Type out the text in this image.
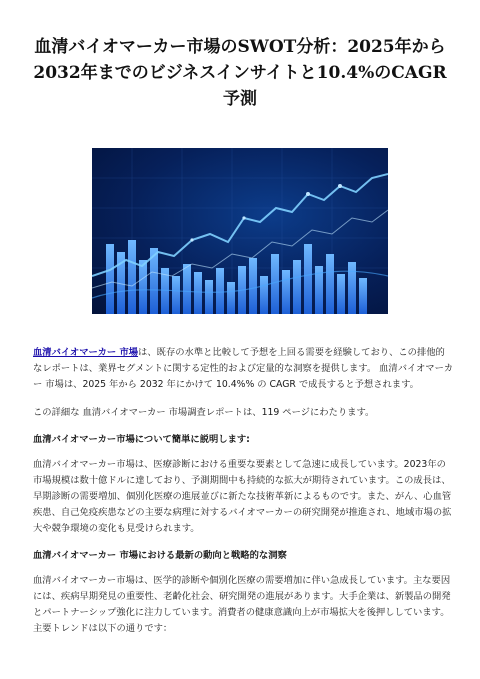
血清バイオマーカー市場のSWOT分析：2025年から2032年までのビジネスインサイトと10.4%のCAGR予測

血清バイオマーカー 市場は、既存の水準と比較して予想を上回る需要を経験しており、この排他的なレポートは、業界セグメントに関する定性的および定量的な洞察を提供します。 血清バイオマーカー 市場は、2025 年から 2032 年にかけて 10.4%% の CAGR で成長すると予想されます。

この詳細な 血清バイオマーカー 市場調査レポートは、119 ページにわたります。

血清バイオマーカー市場について簡単に説明します:

血清バイオマーカー市場は、医療診断における重要な要素として急速に成長しています。2023年の市場規模は数十億ドルに達しており、予測期間中も持続的な拡大が期待されています。この成長は、早期診断の需要増加、個別化医療の進展並びに新たな技術革新によるものです。また、がん、心血管疾患、自己免疫疾患などの主要な病理に対するバイオマーカーの研究開発が推進され、地域市場の拡大や競争環境の変化も見受けられます。

血清バイオマーカー 市場における最新の動向と戦略的な洞察

血清バイオマーカー市場は、医学的診断や個別化医療の需要増加に伴い急成長しています。主な要因には、疾病早期発見の重要性、老齢化社会、研究開発の進展があります。大手企業は、新製品の開発とパートナーシップ強化に注力しています。消費者の健康意識向上が市場拡大を後押ししています。主要トレンドは以下の通りです：
